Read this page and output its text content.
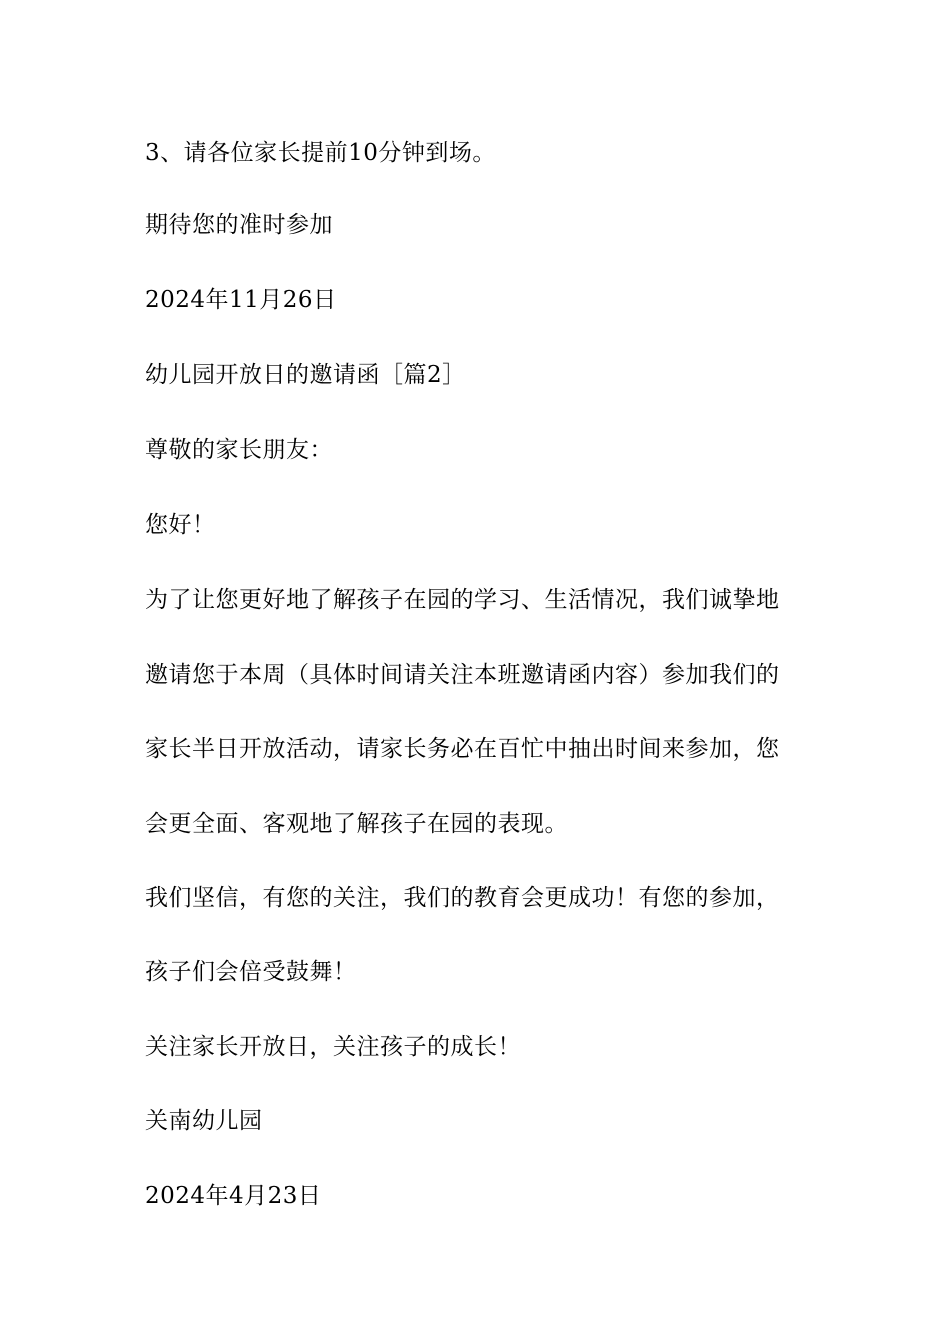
3、请各位家长提前10分钟到场。

期待您的准时参加

2024年11月26日

幼儿园开放日的邀请函［篇2］

尊敬的家长朋友：

您好！

为了让您更好地了解孩子在园的学习、生活情况，我们诚挚地

邀请您于本周（具体时间请关注本班邀请函内容）参加我们的

家长半日开放活动，请家长务必在百忙中抽出时间来参加，您

会更全面、客观地了解孩子在园的表现。

我们坚信，有您的关注，我们的教育会更成功！有您的参加，

孩子们会倍受鼓舞！

关注家长开放日，关注孩子的成长！

关南幼儿园

2024年4月23日
